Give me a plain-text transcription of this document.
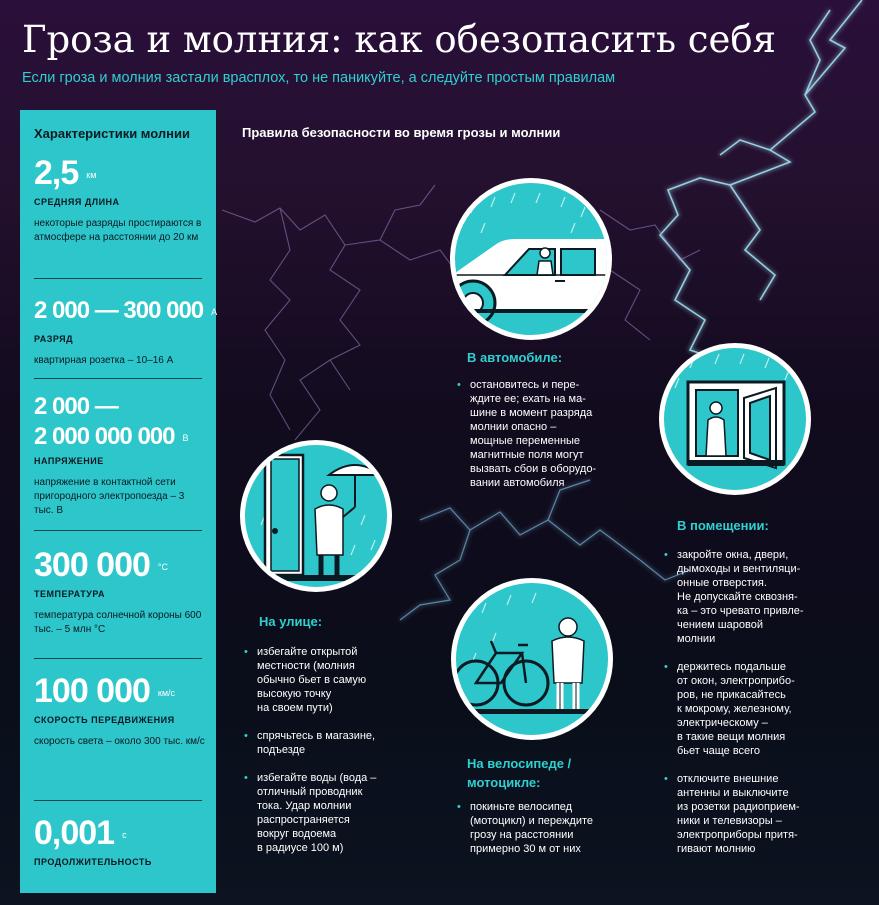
Гроза и молния: как обезопасить себя
Если гроза и молния застали врасплох, то не паникуйте, а следуйте простым правилам
Характеристики молнии
2,5 км
СРЕДНЯЯ ДЛИНА
некоторые разряды простираются в атмосфере на расстоянии до 20 км
2 000 — 300 000 А
РАЗРЯД
квартирная розетка – 10–16 А
2 000 —
2 000 000 000 В
НАПРЯЖЕНИЕ
напряжение в контактной сети пригородного электропоезда – 3 тыс. В
300 000 °С
ТЕМПЕРАТУРА
температура солнечной короны 600 тыс. – 5 млн °С
100 000 км/с
СКОРОСТЬ ПЕРЕДВИЖЕНИЯ
скорость света – около 300 тыс. км/с
0,001 с
ПРОДОЛЖИТЕЛЬНОСТЬ
Правила безопасности во время грозы и молнии
В автомобиле:
• остановитесь и пере-
ждите ее; ехать на ма-
шине в момент разряда
молнии опасно –
мощные переменные
магнитные поля могут
вызвать сбои в оборудо-
вании автомобиля
В помещении:
• закройте окна, двери,
дымоходы и вентиляци-
онные отверстия.
Не допускайте сквозня-
ка – это чревато привле-
чением шаровой
молнии
• держитесь подальше
от окон, электроприбо-
ров, не прикасайтесь
к мокрому, железному,
электрическому –
в такие вещи молния
бьет чаще всего
• отключите внешние
антенны и выключите
из розетки радиоприем-
ники и телевизоры –
электроприборы притя-
гивают молнию
На улице:
• избегайте открытой
местности (молния
обычно бьет в самую
высокую точку
на своем пути)
• спрячьтесь в магазине,
подъезде
• избегайте воды (вода –
отличный проводник
тока. Удар молнии
распространяется
вокруг водоема
в радиусе 100 м)
На велосипеде /
мотоцикле:
• покиньте велосипед
(мотоцикл) и переждите
грозу на расстоянии
примерно 30 м от них
